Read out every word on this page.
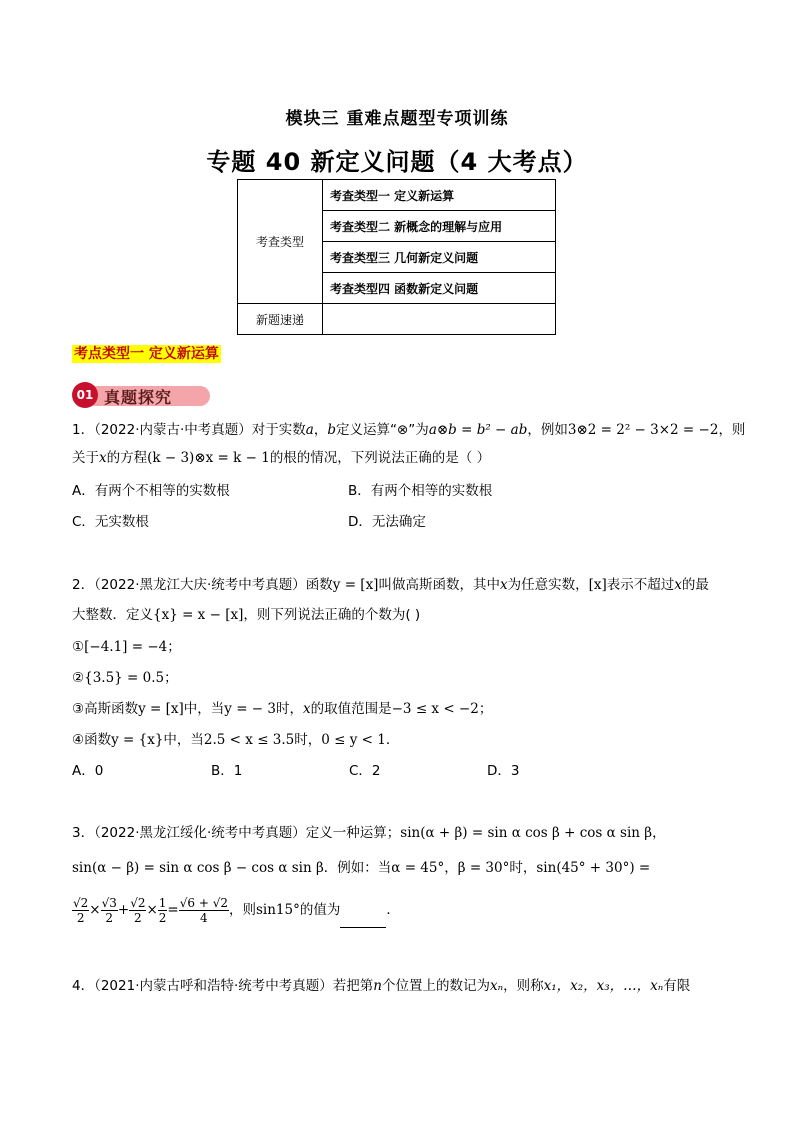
模块三 重难点题型专项训练
专题 40 新定义问题（4 大考点）
考查类型	考查类型一 定义新运算
	考查类型二 新概念的理解与应用
	考查类型三 几何新定义问题
	考查类型四 函数新定义问题
新题速递	
考点类型一 定义新运算
01 真题探究
1．（2022·内蒙古·中考真题）对于实数a，b定义运算“⊗”为a⊗b = b² − ab，例如3⊗2 = 2² − 3×2 = −2，则
关于x的方程(k − 3)⊗x = k − 1的根的情况，下列说法正确的是（ ）
A．有两个不相等的实数根	B．有两个相等的实数根
C．无实数根	D．无法确定
2．（2022·黑龙江大庆·统考中考真题）函数y = [x]叫做高斯函数，其中x为任意实数，[x]表示不超过x的最
大整数．定义{x} = x − [x]，则下列说法正确的个数为( )
①[−4.1] = −4；
②{3.5} = 0.5；
③高斯函数y = [x]中，当y = − 3时，x的取值范围是−3 ≤ x < −2；
④函数y = {x}中，当2.5 < x ≤ 3.5时，0 ≤ y < 1．
A．0	B．1	C．2	D．3
3．（2022·黑龙江绥化·统考中考真题）定义一种运算；sin(α + β) = sin α cos β + cos α sin β，
sin(α − β) = sin α cos β − cos α sin β．例如：当α = 45°，β = 30°时，sin(45° + 30°) =
$\frac{√2}{2} \times \frac{√3}{2} + \frac{√2}{2} \times \frac{1}{2} = \frac{√6 + √2}{4}$ ，则sin15°的值为	．
4．（2021·内蒙古呼和浩特·统考中考真题）若把第n个位置上的数记为xₙ，则称x₁，x₂，x₃，…，xₙ有限
